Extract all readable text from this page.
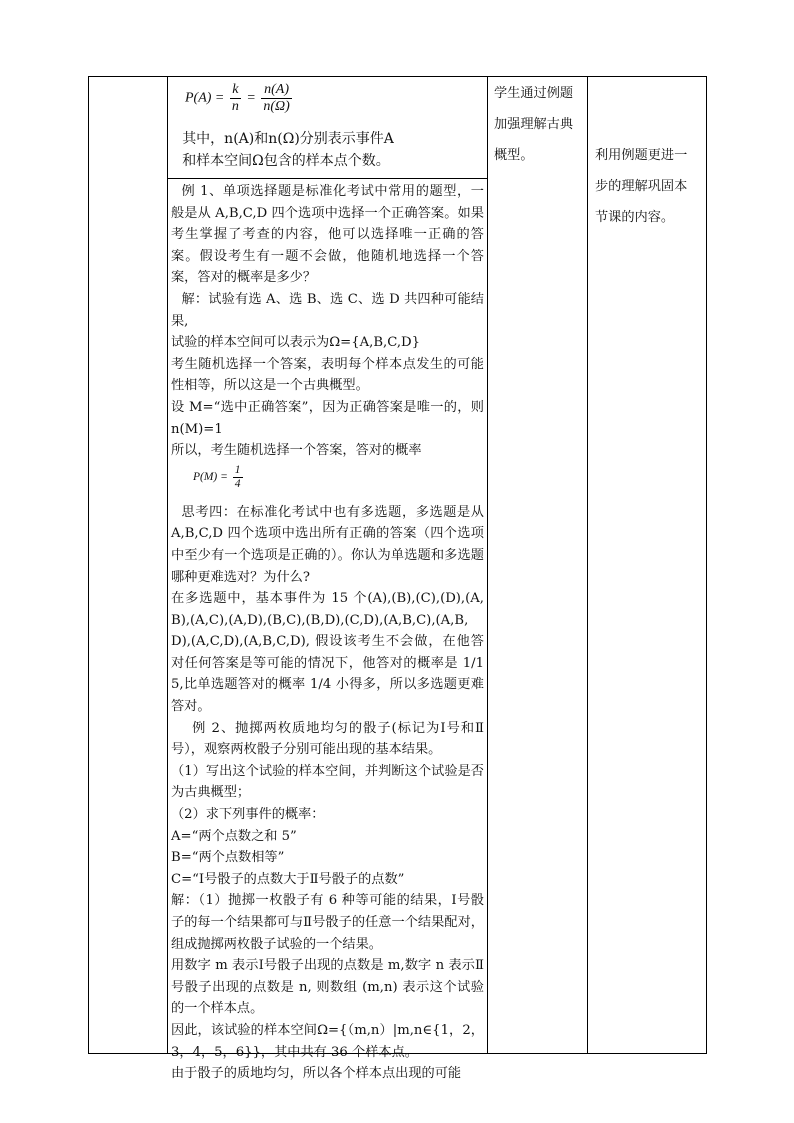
$P(A) = \frac{k}{n} = \frac{n(A)}{n(\Omega)}$

其中，n(A)和n(Ω)分别表示事件A

和样本空间Ω包含的样本点个数。

例 1、单项选择题是标准化考试中常用的题型，一般是从 A,B,C,D 四个选项中选择一个正确答案。如果考生掌握了考查的内容，他可以选择唯一正确的答案。假设考生有一题不会做，他随机地选择一个答案，答对的概率是多少？

解：试验有选 A、选 B、选 C、选 D 共四种可能结果,

试验的样本空间可以表示为Ω={A,B,C,D}

考生随机选择一个答案，表明每个样本点发生的可能性相等，所以这是一个古典概型。

设 M=“选中正确答案”，因为正确答案是唯一的，则 n(M)=1

所以，考生随机选择一个答案，答对的概率

$P(M) = \frac{1}{4}$

思考四：在标准化考试中也有多选题，多选题是从 A,B,C,D 四个选项中选出所有正确的答案（四个选项中至少有一个选项是正确的）。你认为单选题和多选题哪种更难选对？为什么?

在多选题中，基本事件为 15 个(A),(B),(C),(D),(A,B),(A,C),(A,D),(B,C),(B,D),(C,D),(A,B,C),(A,B,D),(A,C,D),(A,B,C,D), 假设该考生不会做，在他答对任何答案是等可能的情况下，他答对的概率是 1/15,比单选题答对的概率 1/4 小得多，所以多选题更难答对。

例 2、抛掷两枚质地均匀的骰子(标记为Ⅰ号和Ⅱ号），观察两枚骰子分别可能出现的基本结果。

（1）写出这个试验的样本空间，并判断这个试验是否为古典概型；

（2）求下列事件的概率：

A=“两个点数之和 5”

B=“两个点数相等”

C=“Ⅰ号骰子的点数大于Ⅱ号骰子的点数”

解：（1）抛掷一枚骰子有 6 种等可能的结果，Ⅰ号骰子的每一个结果都可与Ⅱ号骰子的任意一个结果配对，组成抛掷两枚骰子试验的一个结果。

用数字 m 表示Ⅰ号骰子出现的点数是 m,数字 n 表示Ⅱ号骰子出现的点数是 n, 则数组 (m,n) 表示这个试验的一个样本点。

因此，该试验的样本空间Ω={（m,n）|m,n∈{1，2，3，4，5，6}}，其中共有 36 个样本点。

由于骰子的质地均匀，所以各个样本点出现的可能

学生通过例题

加强理解古典

概型。	利用例题更进一

步的理解巩固本

节课的内容。
